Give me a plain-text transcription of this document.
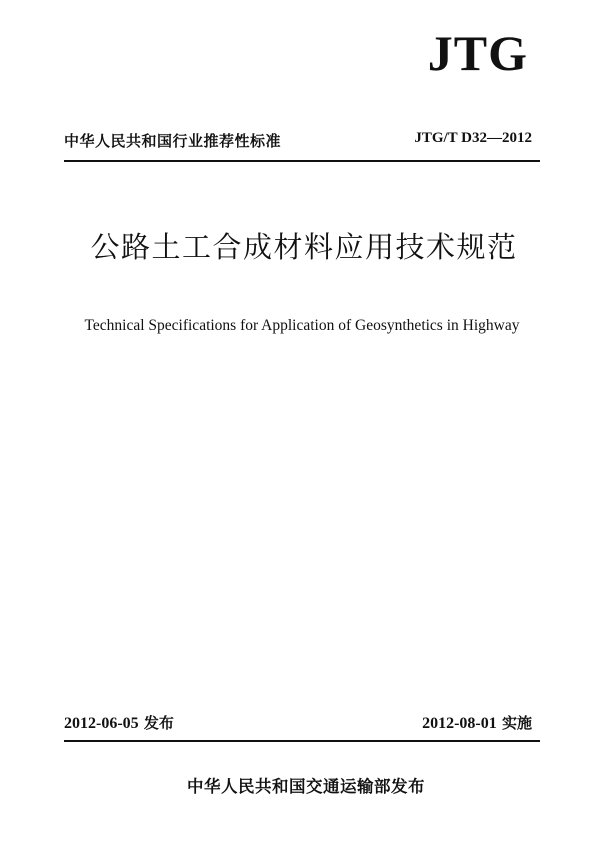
JTG
中华人民共和国行业推荐性标准	JTG/T D32—2012
公路土工合成材料应用技术规范
Technical Specifications for Application of Geosynthetics in Highway
2012-06-05 发布	2012-08-01 实施
中华人民共和国交通运输部发布
